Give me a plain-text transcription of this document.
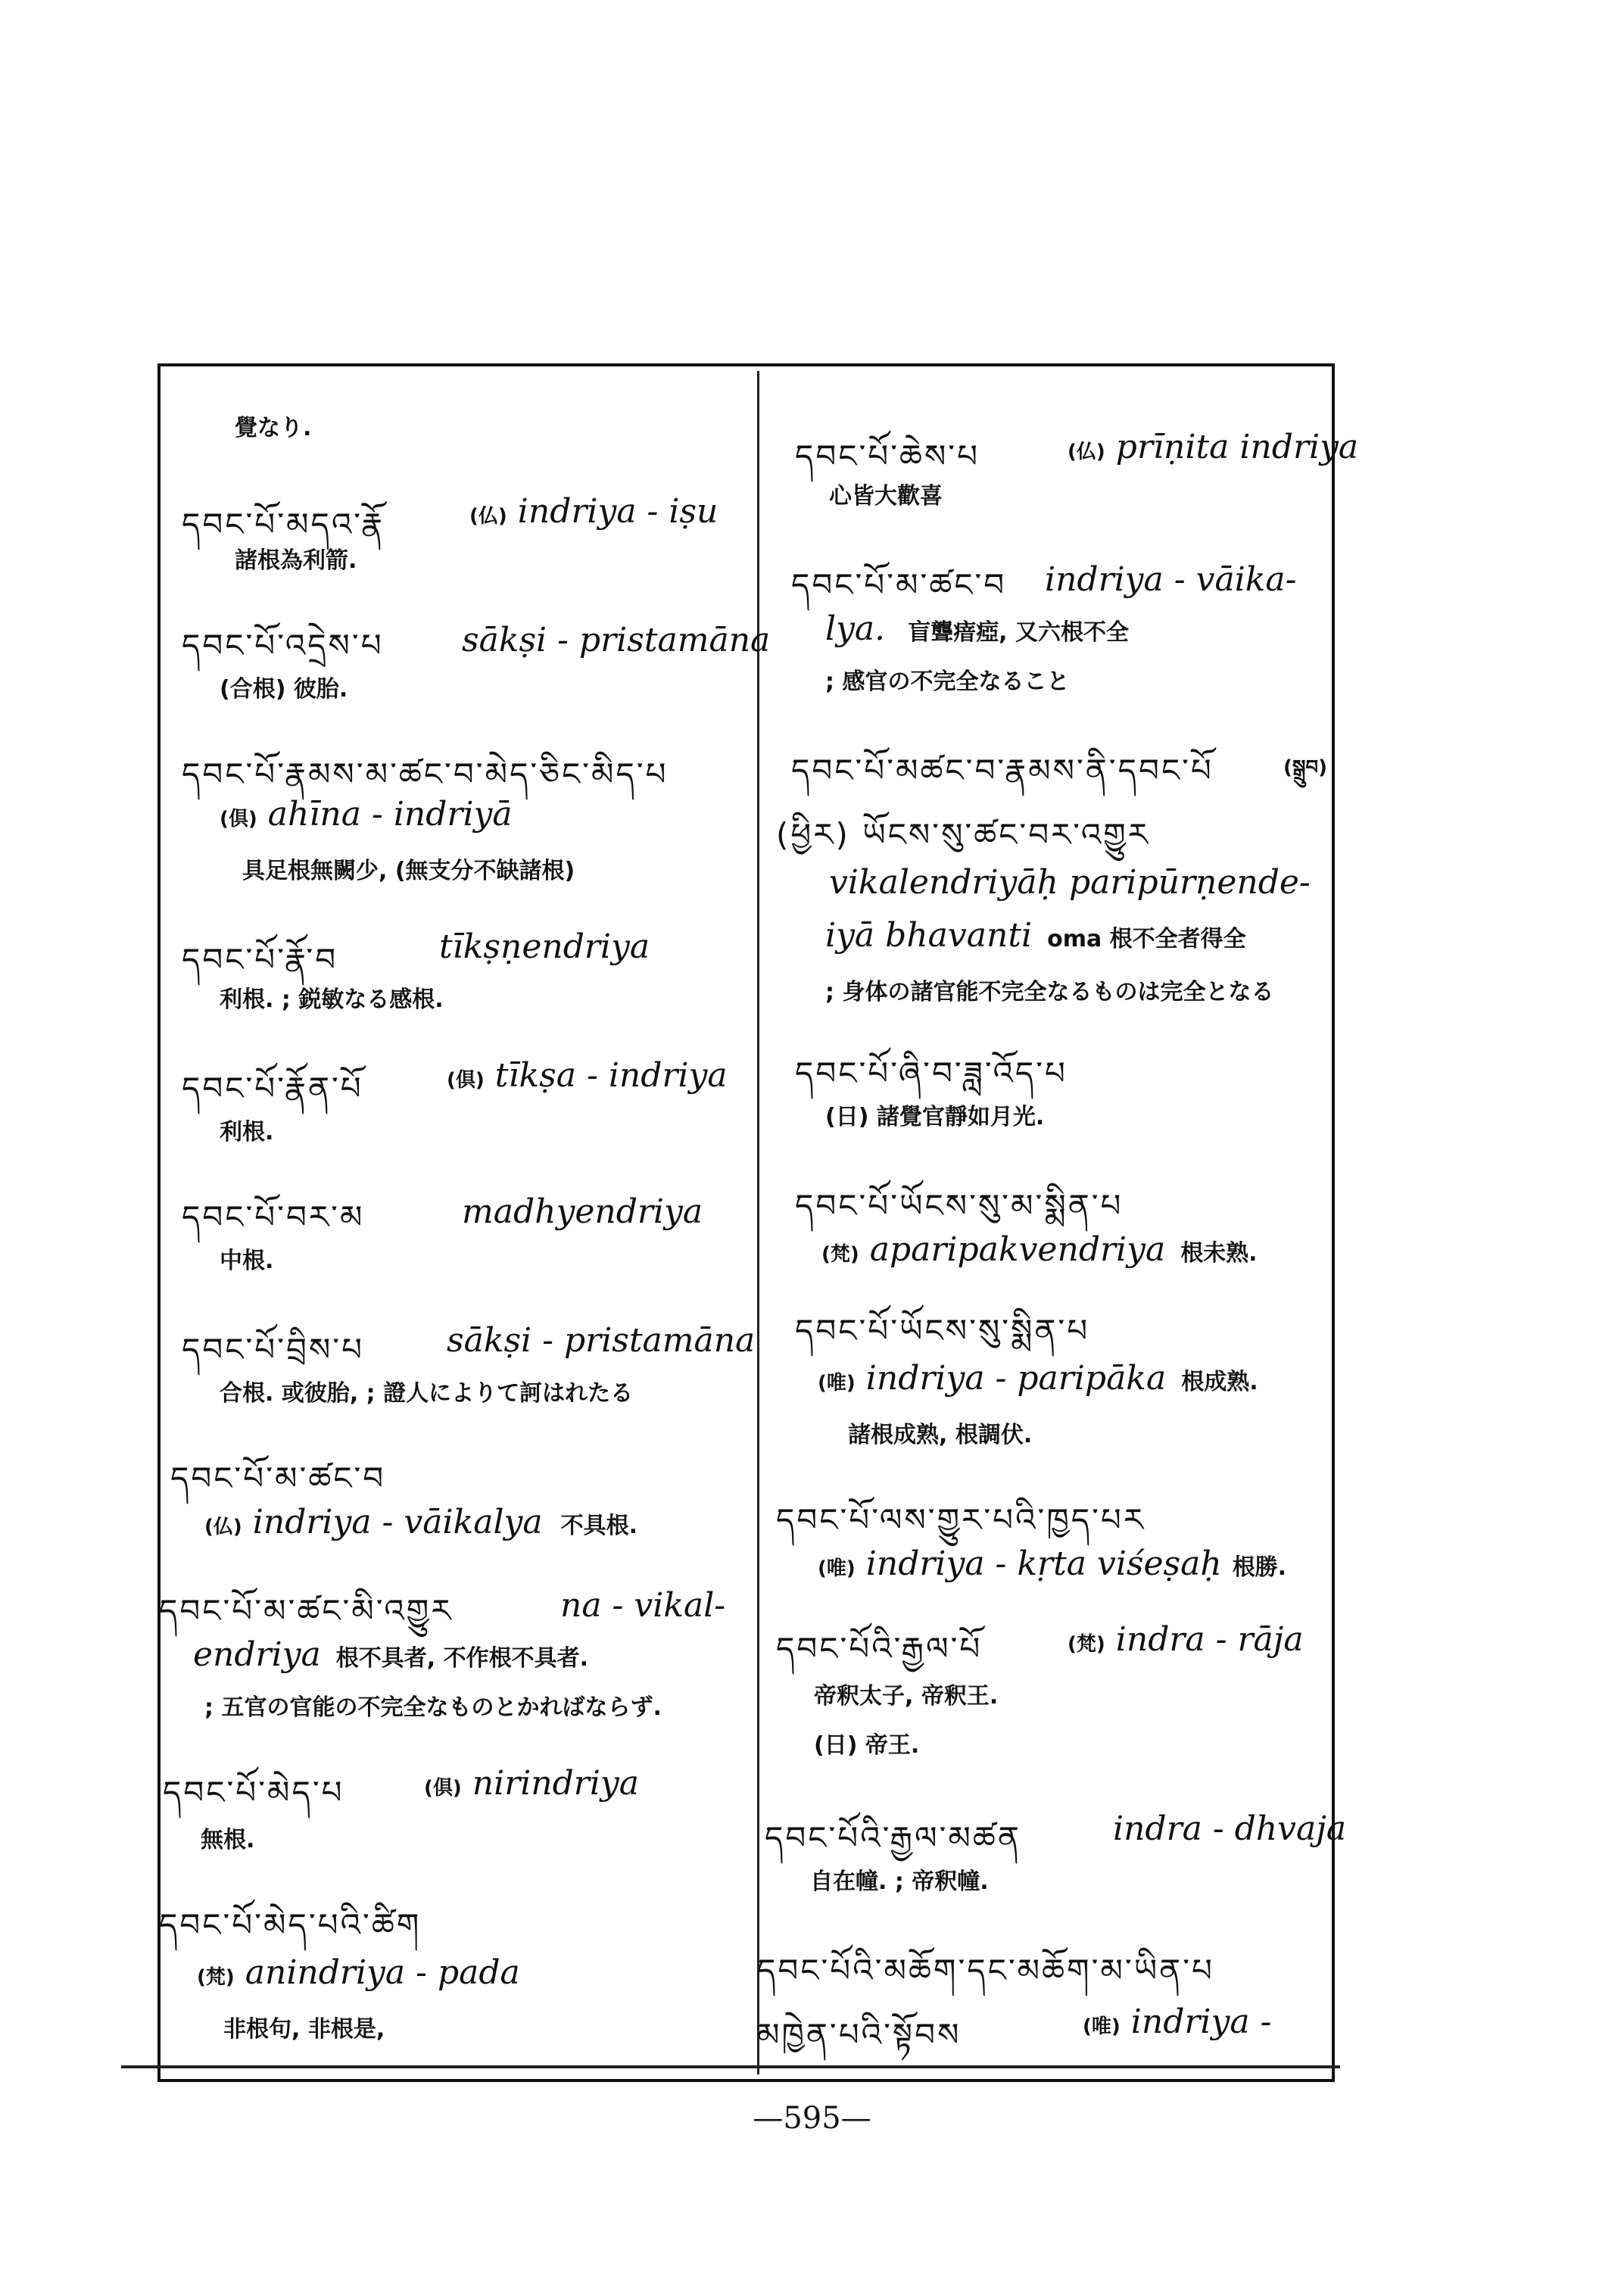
覺なり.
དབང་པོ་མདའ་རྣོ	(仏) indriya - iṣu
諸根為利箭.
དབང་པོ་འདྲེས་པ sākṣi - pristamāna
(合根) 彼胎.
དབང་པོ་རྣམས་མ་ཚང་བ་མེད་ཅིང་མིད་པ
(倶) ahīna - indriyā
具足根無闕少, (無支分不缺諸根)
དབང་པོ་རྣོ་བ	tīkṣṇendriya
利根. ; 鋭敏なる感根.
དབང་པོ་རྣོན་པོ	(倶) tīkṣa - indriya
利根.
དབང་པོ་བར་མ	madhyendriya
中根.
དབང་པོ་བྲིས་པ sākṣi - pristamāna
合根. 或彼胎, ; 證人によりて訶はれたる
དབང་པོ་མ་ཚང་བ
(仏) indriya - vāikalya 不具根.
དབང་པོ་མ་ཚང་མི་འགྱུར	na - vikal-
endriya 根不具者, 不作根不具者.
; 五官の官能の不完全なものとかればならず.
དབང་པོ་མེད་པ	(倶) nirindriya
無根.
དབང་པོ་མེད་པའི་ཚིག
(梵) anindriya - pada
非根句, 非根是,
དབང་པོ་ཆེས་པ	(仏) prīṇita indriya
心皆大歡喜
དབང་པོ་མ་ཚང་བ indriya - vāika-
lya. 盲聾瘖瘂, 又六根不全
; 感官の不完全なること
དབང་པོ་མཚང་བ་རྣམས་ནི་དབང་པོ	(སྒྲུབ)
(ཕྱིར) ཡོངས་སུ་ཚང་བར་འགྱུར
vikalendriyāḥ paripūrṇende-
iyā bhavanti oma 根不全者得全
; 身体の諸官能不完全なるものは完全となる
དབང་པོ་ཞི་བ་ཟླ་འོད་པ
(日) 諸覺官靜如月光.
དབང་པོ་ཡོངས་སུ་མ་སྨིན་པ
(梵) aparipakvendriya 根未熟.
དབང་པོ་ཡོངས་སུ་སྨིན་པ
(唯) indriya - paripāka 根成熟.
諸根成熟, 根調伏.
དབང་པོ་ལས་གྱུར་པའི་ཁྱད་པར
(唯) indriya - kṛta viśeṣaḥ 根勝.
དབང་པོའི་རྒྱལ་པོ	(梵) indra - rāja
帝釈太子, 帝釈王.
(日) 帝王.
དབང་པོའི་རྒྱལ་མཚན	indra - dhvaja
自在幢. ; 帝釈幢.
དབང་པོའི་མཆོག་དང་མཆོག་མ་ཡིན་པ
མཁྱེན་པའི་སྟོབས	(唯) indriya -
—595—
